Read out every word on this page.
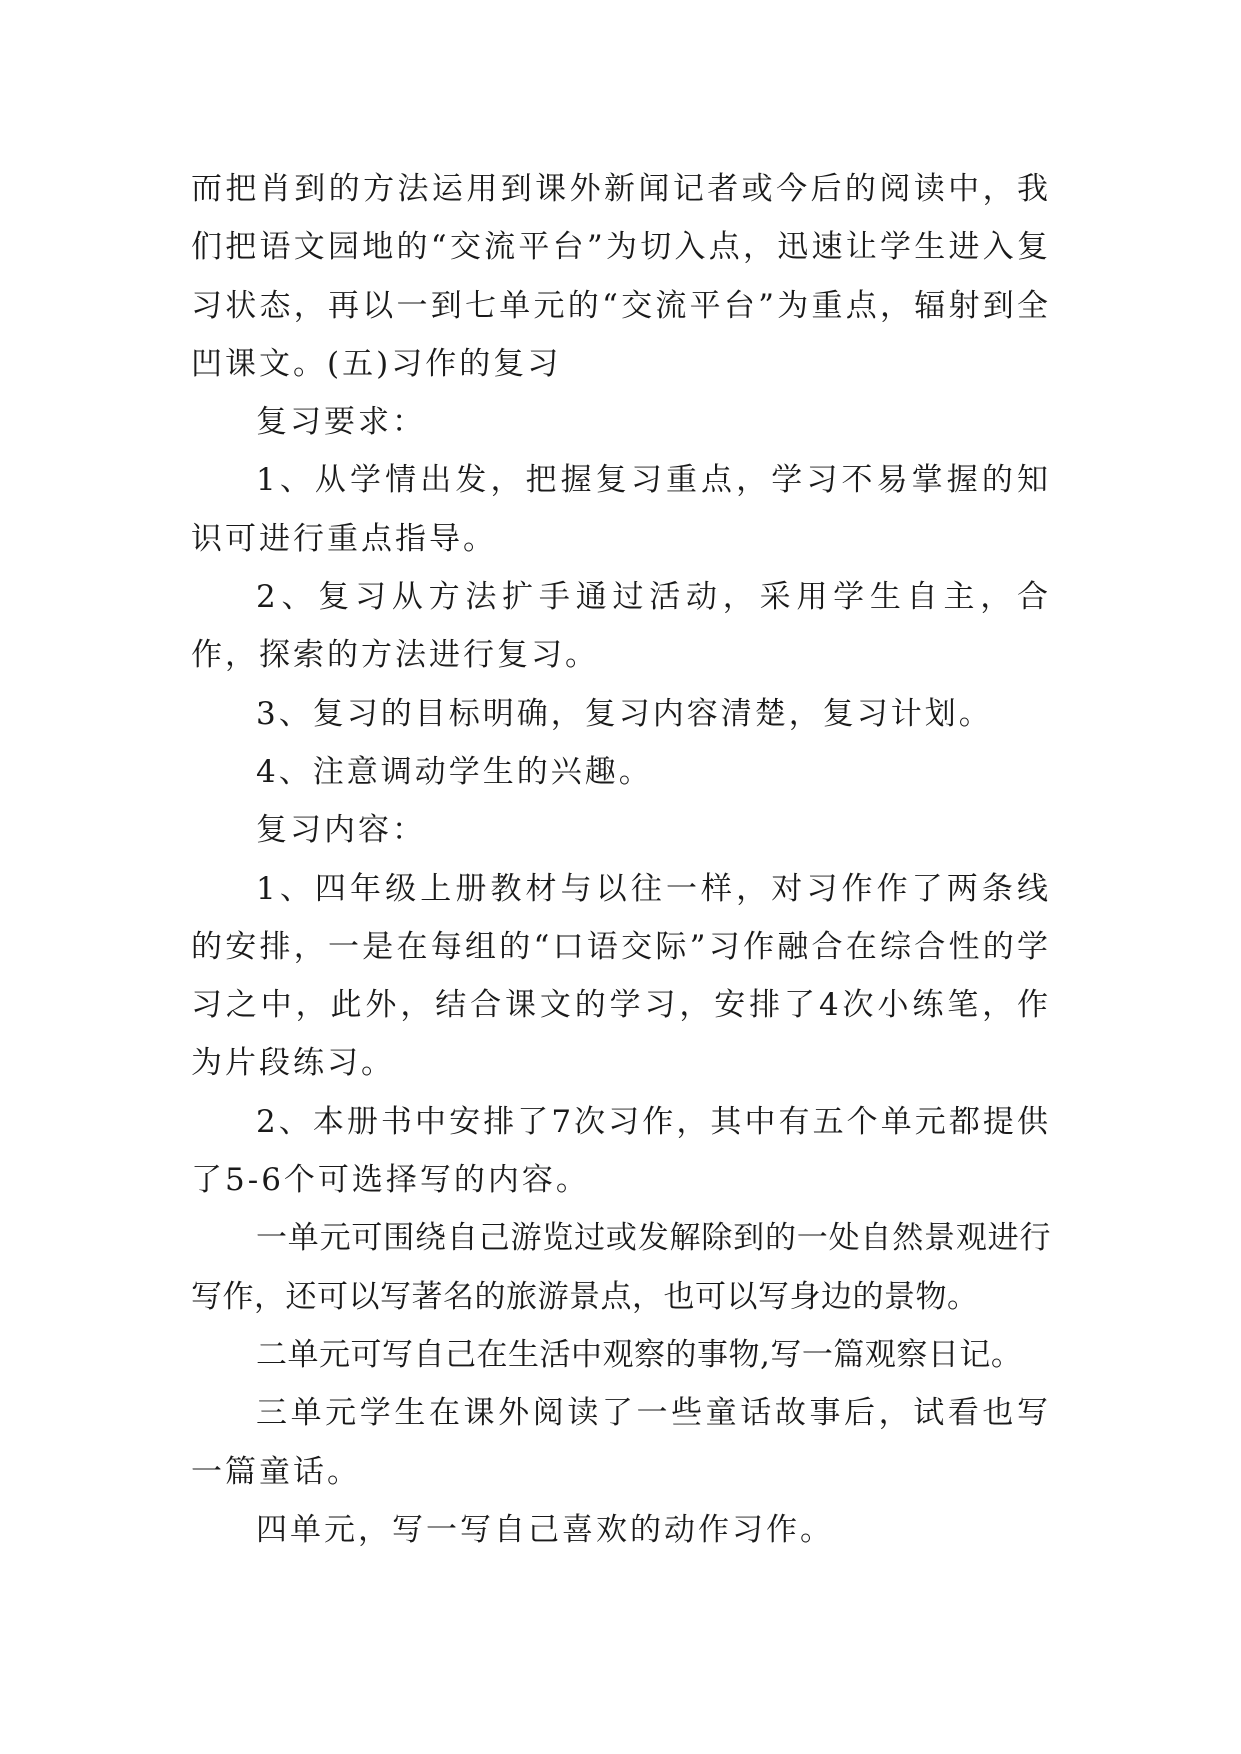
而把肖到的方法运用到课外新闻记者或今后的阅读中，我们把语文园地的“交流平台”为切入点，迅速让学生进入复习状态，再以一到七单元的“交流平台”为重点，辐射到全凹课文。(五)习作的复习

复习要求：

1、从学情出发，把握复习重点，学习不易掌握的知识可进行重点指导。

2、复习从方法扩手通过活动，采用学生自主，合作，探索的方法进行复习。

3、复习的目标明确，复习内容清楚，复习计划。

4、注意调动学生的兴趣。

复习内容：

1、四年级上册教材与以往一样，对习作作了两条线的安排，一是在每组的“口语交际”习作融合在综合性的学习之中，此外，结合课文的学习，安排了4次小练笔，作为片段练习。

2、本册书中安排了7次习作，其中有五个单元都提供了5-6个可选择写的内容。

一单元可围绕自己游览过或发解除到的一处自然景观进行写作，还可以写著名的旅游景点，也可以写身边的景物。

二单元可写自己在生活中观察的事物,写一篇观察日记。

三单元学生在课外阅读了一些童话故事后，试看也写一篇童话。

四单元，写一写自己喜欢的动作习作。
